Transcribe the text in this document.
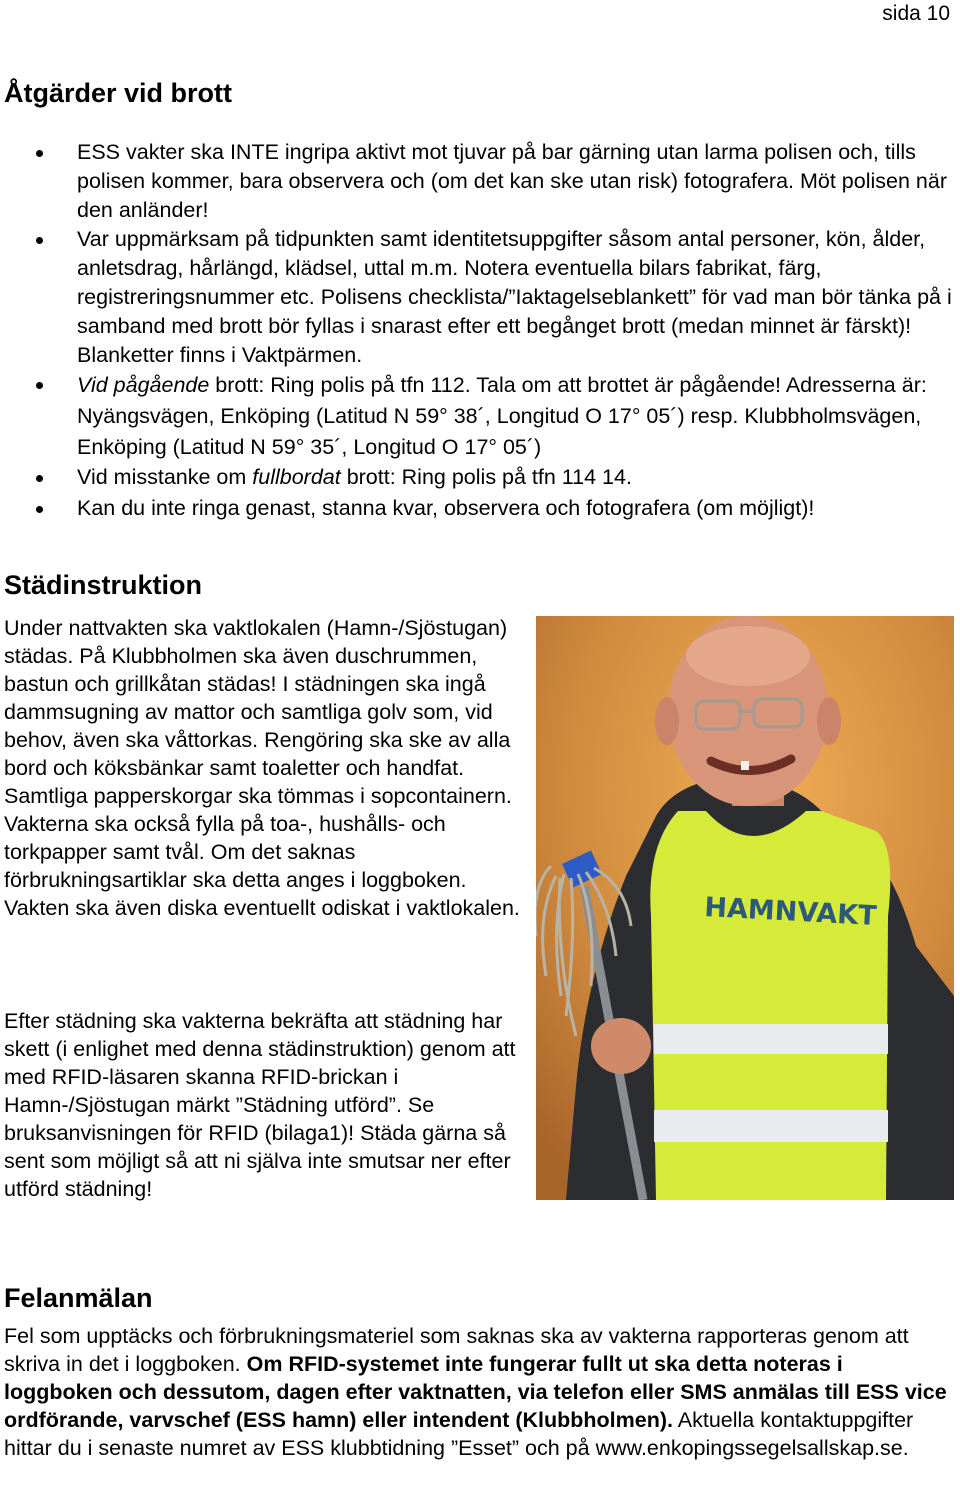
sida 10
Åtgärder vid brott
ESS vakter ska INTE ingripa aktivt mot tjuvar på bar gärning utan larma polisen och, tills polisen kommer, bara observera och (om det kan ske utan risk) fotografera. Möt polisen när den anländer!
Var uppmärksam på tidpunkten samt identitetsuppgifter såsom antal personer, kön, ålder, anletsdrag, hårlängd, klädsel, uttal m.m. Notera eventuella bilars fabrikat, färg, registreringsnummer etc. Polisens checklista/”Iaktagelseblankett” för vad man bör tänka på i samband med brott bör fyllas i snarast efter ett begånget brott (medan minnet är färskt)! Blanketter finns i Vaktpärmen.
Vid pågående brott: Ring polis på tfn 112. Tala om att brottet är pågående! Adresserna är: Nyängsvägen, Enköping (Latitud N 59° 38´, Longitud O 17° 05´) resp. Klubbholmsvägen, Enköping (Latitud N 59° 35´, Longitud O 17° 05´)
Vid misstanke om fullbordat brott: Ring polis på tfn 114 14.
Kan du inte ringa genast, stanna kvar, observera och fotografera (om möjligt)!
Städinstruktion
Under nattvakten ska vaktlokalen (Hamn-/Sjöstugan) städas. På Klubbholmen ska även duschrummen, bastun och grillkåtan städas! I städningen ska ingå dammsugning av mattor och samtliga golv som, vid behov, även ska våttorkas. Rengöring ska ske av alla bord och köksbänkar samt toaletter och handfat. Samtliga papperskorgar ska tömmas i sopcontainern. Vakterna ska också fylla på toa-, hushålls- och torkpapper samt tvål. Om det saknas förbrukningsartiklar ska detta anges i loggboken. Vakten ska även diska eventuellt odiskat i vaktlokalen.
Efter städning ska vakterna bekräfta att städning har skett (i enlighet med denna städinstruktion) genom att med RFID-läsaren skanna RFID-brickan i Hamn-/Sjöstugan märkt ”Städning utförd”. Se bruksanvisningen för RFID (bilaga1)! Städa gärna så sent som möjligt så att ni själva inte smutsar ner efter utförd städning!
HAMNVAKT
Felanmälan
Fel som upptäcks och förbrukningsmateriel som saknas ska av vakterna rapporteras genom att skriva in det i loggboken. Om RFID-systemet inte fungerar fullt ut ska detta noteras i loggboken och dessutom, dagen efter vaktnatten, via telefon eller SMS anmälas till ESS vice ordförande, varvschef (ESS hamn) eller intendent (Klubbholmen). Aktuella kontaktuppgifter hittar du i senaste numret av ESS klubbtidning ”Esset” och på www.enkopingssegelsallskap.se.
